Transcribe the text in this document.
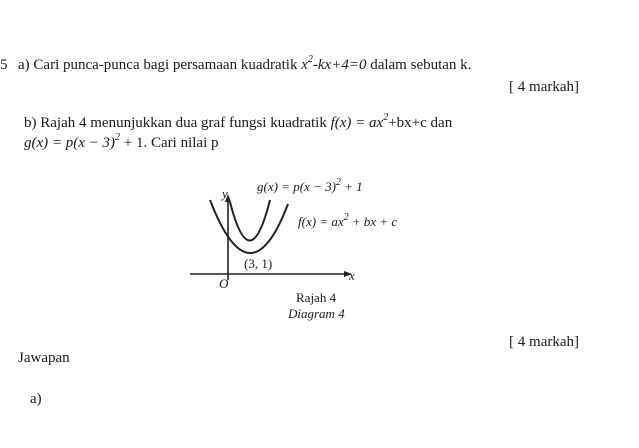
5 a) Cari punca-punca bagi persamaan kuadratik $x^2-kx+4=0$ dalam sebutan k.
[ 4 markah]
b) Rajah 4 menunjukkan dua graf fungsi kuadratik $f(x) = ax^2+bx+c$ dan
$g(x) = p(x - 3)^2 + 1$. Cari nilai p
y
x
O
(3, 1)
$g(x) = p(x - 3)^2 + 1$
$f(x) = ax^2$ + bx + c
Rajah 4
Diagram 4
[ 4 markah]
Jawapan
a)
